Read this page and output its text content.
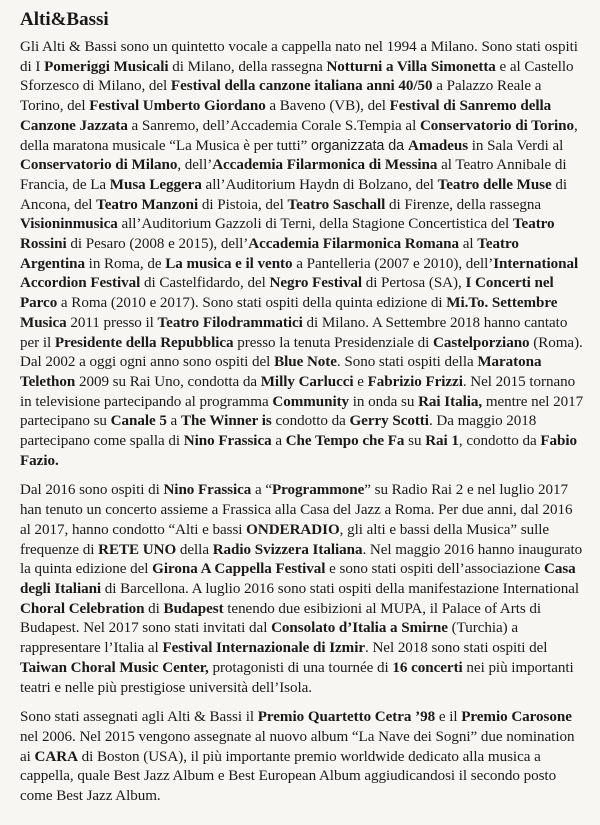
Alti&Bassi

Gli Alti & Bassi sono un quintetto vocale a cappella nato nel 1994 a Milano. Sono stati ospiti di I Pomeriggi Musicali di Milano, della rassegna Notturni a Villa Simonetta e al Castello Sforzesco di Milano, del Festival della canzone italiana anni 40/50 a Palazzo Reale a Torino, del Festival Umberto Giordano a Baveno (VB), del Festival di Sanremo della Canzone Jazzata a Sanremo, dell’Accademia Corale S.Tempia al Conservatorio di Torino, della maratona musicale “La Musica è per tutti” organizzata da Amadeus in Sala Verdi al Conservatorio di Milano, dell’Accademia Filarmonica di Messina al Teatro Annibale di Francia, de La Musa Leggera all’Auditorium Haydn di Bolzano, del Teatro delle Muse di Ancona, del Teatro Manzoni di Pistoia, del Teatro Saschall di Firenze, della rassegna Visioninmusica all’Auditorium Gazzoli di Terni, della Stagione Concertistica del Teatro Rossini di Pesaro (2008 e 2015), dell’Accademia Filarmonica Romana al Teatro Argentina in Roma, de La musica e il vento a Pantelleria (2007 e 2010), dell’International Accordion Festival di Castelfidardo, del Negro Festival di Pertosa (SA), I Concerti nel Parco a Roma (2010 e 2017). Sono stati ospiti della quinta edizione di Mi.To. Settembre Musica 2011 presso il Teatro Filodrammatici di Milano. A Settembre 2018 hanno cantato per il Presidente della Repubblica presso la tenuta Presidenziale di Castelporziano (Roma). Dal 2002 a oggi ogni anno sono ospiti del Blue Note. Sono stati ospiti della Maratona Telethon 2009 su Rai Uno, condotta da Milly Carlucci e Fabrizio Frizzi. Nel 2015 tornano in televisione partecipando al programma Community in onda su Rai Italia, mentre nel 2017 partecipano su Canale 5 a The Winner is condotto da Gerry Scotti. Da maggio 2018 partecipano come spalla di Nino Frassica a Che Tempo che Fa su Rai 1, condotto da Fabio Fazio.

Dal 2016 sono ospiti di Nino Frassica a “Programmone” su Radio Rai 2 e nel luglio 2017 han tenuto un concerto assieme a Frassica alla Casa del Jazz a Roma. Per due anni, dal 2016 al 2017, hanno condotto “Alti e bassi ONDERADIO, gli alti e bassi della Musica” sulle frequenze di RETE UNO della Radio Svizzera Italiana. Nel maggio 2016 hanno inaugurato la quinta edizione del Girona A Cappella Festival e sono stati ospiti dell’associazione Casa degli Italiani di Barcellona. A luglio 2016 sono stati ospiti della manifestazione International Choral Celebration di Budapest tenendo due esibizioni al MUPA, il Palace of Arts di Budapest. Nel 2017 sono stati invitati dal Consolato d’Italia a Smirne (Turchia) a rappresentare l’Italia al Festival Internazionale di Izmir. Nel 2018 sono stati ospiti del Taiwan Choral Music Center, protagonisti di una tournée di 16 concerti nei più importanti teatri e nelle più prestigiose università dell’Isola.

Sono stati assegnati agli Alti & Bassi il Premio Quartetto Cetra ’98 e il Premio Carosone nel 2006. Nel 2015 vengono assegnate al nuovo album “La Nave dei Sogni” due nomination ai CARA di Boston (USA), il più importante premio worldwide dedicato alla musica a cappella, quale Best Jazz Album e Best European Album aggiudicandosi il secondo posto come Best Jazz Album.
